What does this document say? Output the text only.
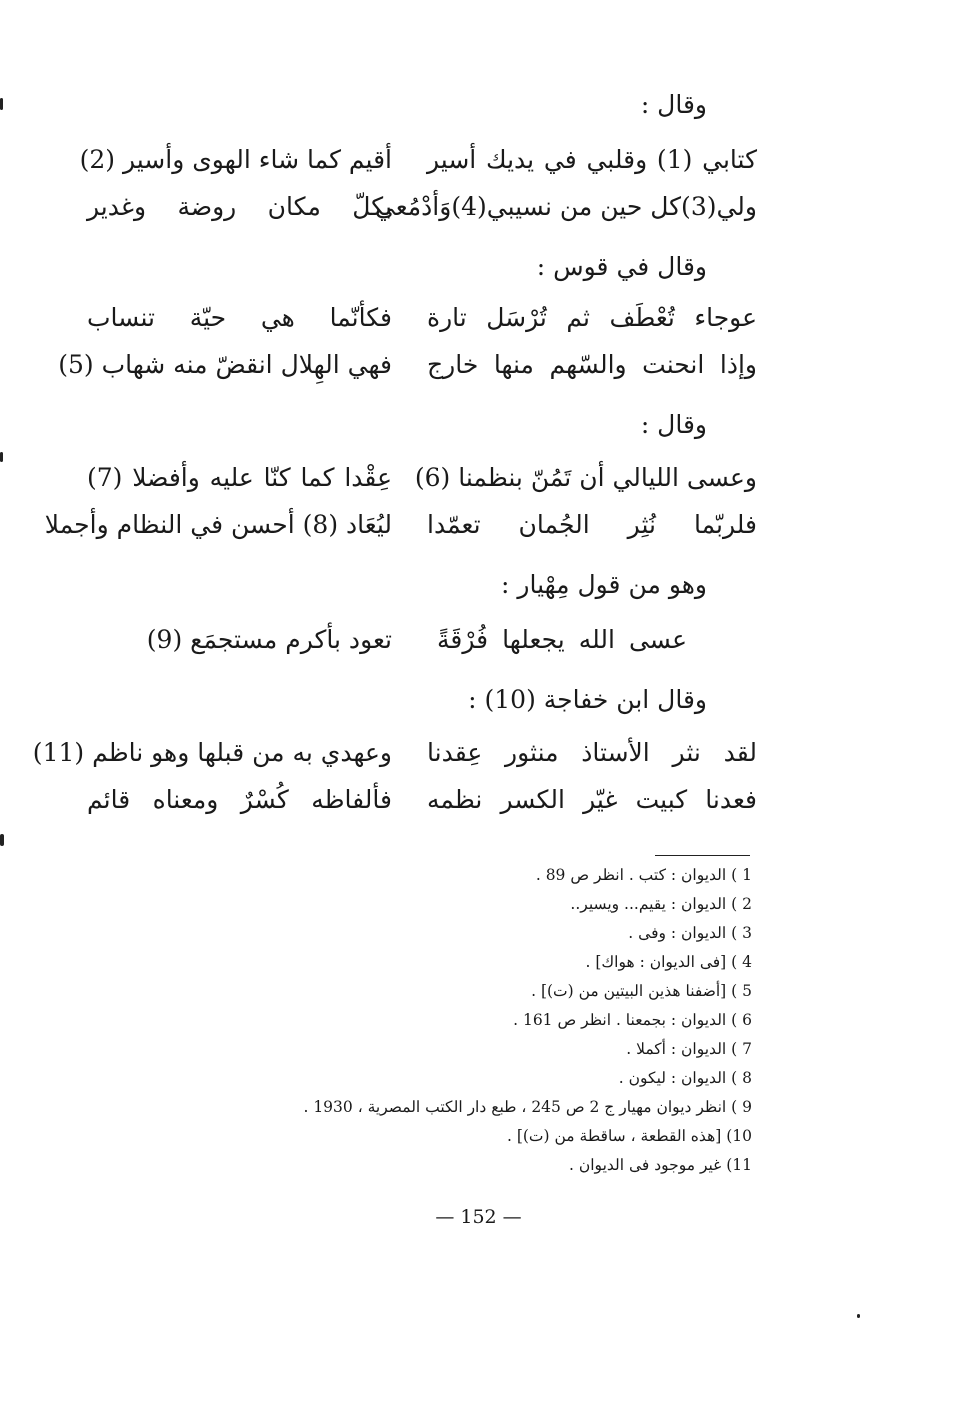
وقال :
كتابي (1) وقلبي في يديك أسير
أقيم كما شاء الهوى وأسير (2)
ولي(3)كل حين من نسيبي(4)وَأدْمُعي
بكلّ مكان روضة وغدير
وقال في قوس :
عوجاء تُعْطَف ثم تُرْسَل تارة
فكأنّما هي حيّة تنساب
وإذا انحنت والسّهم منها خارج
فهي الهِلال انقضّ منه شهاب (5)
وقال :
وعسى الليالي أن تَمُنّ بنظمنا (6)
عِقْدا كما كنّا عليه وأفضلا (7)
فلربّما نُثِر الجُمان تعمّدا
ليُعَاد (8) أحسن في النظام وأجملا
وهو من قول مِهْيار :
عسى الله يجعلها فُرْقَةً
تعود بأكرم مستجمَع (9)
وقال ابن خفاجة (10) :
لقد نثر الأستاذ منثور عِقدنا
وعهدي به من قبلها وهو ناظم (11)
فعدنا كبيت غيّر الكسر نظمه
فألفاظه كُسْرٌ ومعناه قائم
1 ) الديوان : كتب . انظر ص 89 .
2 ) الديوان : يقيم... ويسير..
3 ) الديوان : وفى .
4 ) [فى الديوان : هواك] .
5 ) [أضفنا هذين البيتين من (ت)] .
6 ) الديوان : بجمعنا . انظر ص 161 .
7 ) الديوان : أكملا .
8 ) الديوان : ليكون .
9 ) انظر ديوان مهيار ج 2 ص 245 ، طبع دار الكتب المصرية ، 1930 .
10) [هذه القطعة ، ساقطة من (ت)] .
11) غير موجود فى الديوان .
— 152 —
